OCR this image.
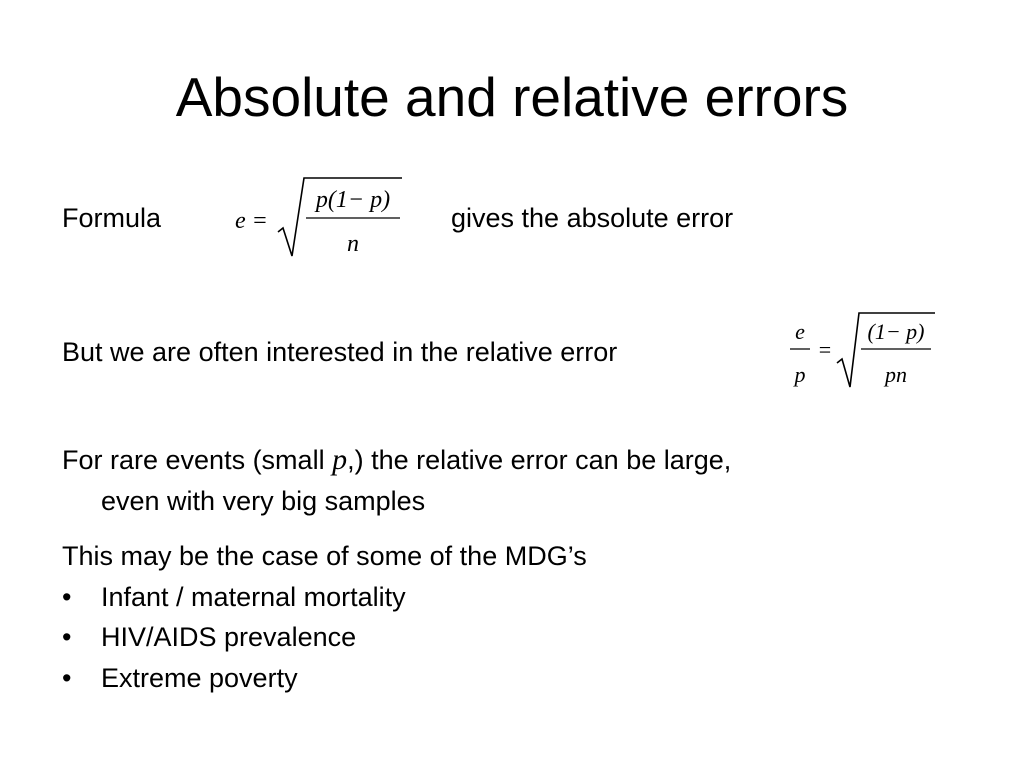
Absolute and relative errors
Formula	e =
p(1− p)
n
gives the absolute error
But we are often interested in the relative error
e
p
=
(1− p)
pn
For rare events (small p,) the relative error can be large,
even with very big samples
This may be the case of some of the MDG’s
• Infant / maternal mortality
• HIV/AIDS prevalence
• Extreme poverty
